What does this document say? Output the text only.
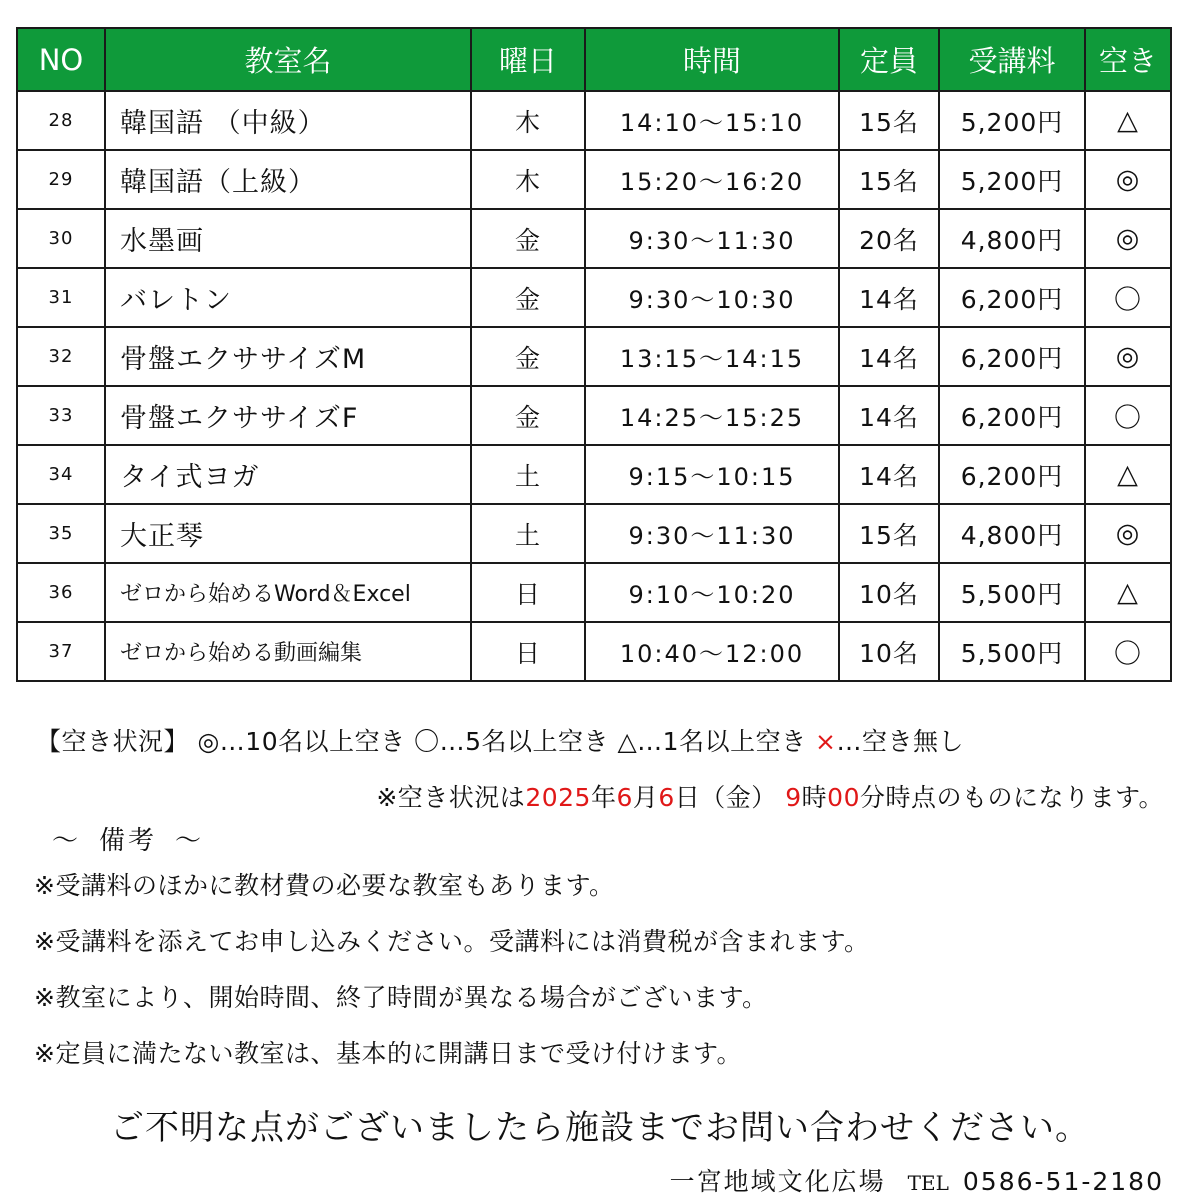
NO	教室名	曜日	時間	定員	受講料	空き
28	韓国語 （中級）	木	14:10～15:10	15名	5,200円	△
29	韓国語（上級）	木	15:20～16:20	15名	5,200円	◎
30	水墨画	金	9:30～11:30	20名	4,800円	◎
31	バレトン	金	9:30～10:30	14名	6,200円	〇
32	骨盤エクササイズM	金	13:15～14:15	14名	6,200円	◎
33	骨盤エクササイズF	金	14:25～15:25	14名	6,200円	〇
34	タイ式ヨガ	土	9:15～10:15	14名	6,200円	△
35	大正琴	土	9:30～11:30	15名	4,800円	◎
36	ゼロから始めるWord＆Excel	日	9:10～10:20	10名	5,500円	△
37	ゼロから始める動画編集	日	10:40～12:00	10名	5,500円	〇
【空き状況】 ◎…10名以上空き 〇…5名以上空き △…1名以上空き ×…空き無し
※空き状況は2025年6月6日（金） 9時00分時点のものになります。
～ 備考 ～
※受講料のほかに教材費の必要な教室もあります。
※受講料を添えてお申し込みください。受講料には消費税が含まれます。
※教室により、開始時間、終了時間が異なる場合がございます。
※定員に満たない教室は、基本的に開講日まで受け付けます。
ご不明な点がございましたら施設までお問い合わせください。
一宮地域文化広場 TEL 0586-51-2180
